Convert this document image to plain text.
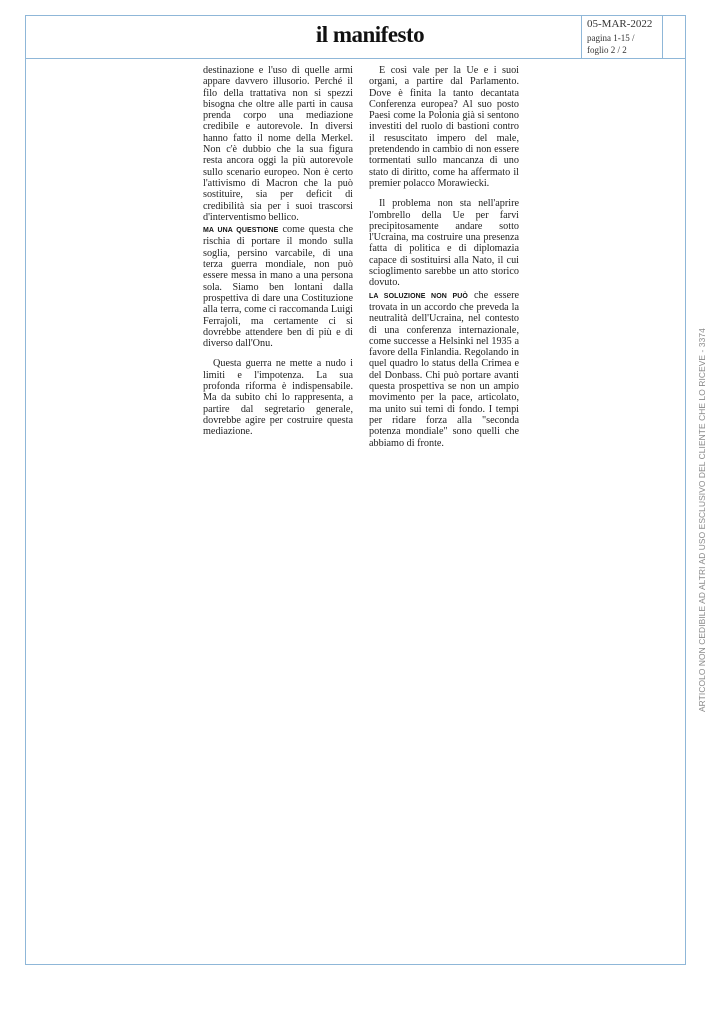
il manifesto	05-MAR-2022
pagina 1-15 /
foglio 2 / 2
ARTICOLO NON CEDIBILE AD ALTRI AD USO ESCLUSIVO DEL CLIENTE CHE LO RICEVE - 3374

destinazione e l'uso di quelle armi appare davvero illusorio. Perché il filo della trattativa non si spezzi bisogna che oltre alle parti in causa prenda corpo una mediazione credibile e autorevole. In diversi hanno fatto il nome della Merkel. Non c'è dubbio che la sua figura resta ancora oggi la più autorevole sullo scenario europeo. Non è certo l'attivismo di Macron che la può sostituire, sia per deficit di credibilità sia per i suoi trascorsi d'interventismo bellico.

MA UNA QUESTIONE come questa che rischia di portare il mondo sulla soglia, persino varcabile, di una terza guerra mondiale, non può essere messa in mano a una persona sola. Siamo ben lontani dalla prospettiva di dare una Costituzione alla terra, come ci raccomanda Luigi Ferrajoli, ma certamente ci si dovrebbe attendere ben di più e di diverso dall'Onu.

Questa guerra ne mette a nudo i limiti e l'impotenza. La sua profonda riforma è indispensabile. Ma da subito chi lo rappresenta, a partire dal segretario generale, dovrebbe agire per costruire questa mediazione.

E così vale per la Ue e i suoi organi, a partire dal Parlamento. Dove è finita la tanto decantata Conferenza europea? Al suo posto Paesi come la Polonia già si sentono investiti del ruolo di bastioni contro il resuscitato impero del male, pretendendo in cambio di non essere tormentati sullo mancanza di uno stato di diritto, come ha affermato il premier polacco Morawiecki.

Il problema non sta nell'aprire l'ombrello della Ue per farvi precipitosamente andare sotto l'Ucraina, ma costruire una presenza fatta di politica e di diplomazia capace di sostituirsi alla Nato, il cui scioglimento sarebbe un atto storico dovuto.

LA SOLUZIONE NON PUÒ che essere trovata in un accordo che preveda la neutralità dell'Ucraina, nel contesto di una conferenza internazionale, come successe a Helsinki nel 1935 a favore della Finlandia. Regolando in quel quadro lo status della Crimea e del Donbass. Chi può portare avanti questa prospettiva se non un ampio movimento per la pace, articolato, ma unito sui temi di fondo. I tempi per ridare forza alla "seconda potenza mondiale" sono quelli che abbiamo di fronte.
